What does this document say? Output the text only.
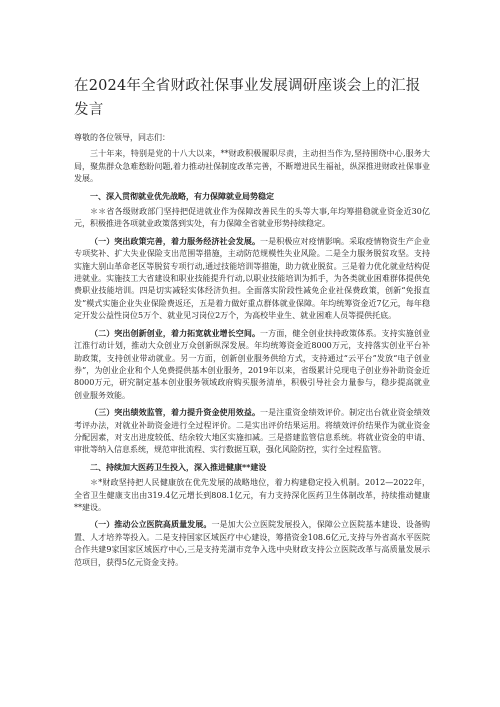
在2024年全省财政社保事业发展调研座谈会上的汇报发言

尊敬的各位领导，同志们：

三十年来，特别是党的十八大以来，**财政积极履职尽责，主动担当作为,坚持围绕中心,服务大局，聚焦群众急难愁盼问题,着力推动社保制度改革完善，不断增进民生福祉，纵深推进财政社保事业发展。

一、深入贯彻就业优先战略，有力保障就业局势稳定

＊＊省各级财政部门坚持把促进就业作为保障改善民生的头等大事,年均筹措稳就业资金近30亿元，积极推进各项就业政策落到实处，有力保障全省就业形势持续稳定。

（一）突出政策完善，着力服务经济社会发展。一是积极应对疫情影响。采取疫情物资生产企业专项奖补、扩大失业保险支出范围等措施，主动防范规模性失业风险。二是全力服务脱贫攻坚。支持实施大别山革命老区等脱贫专项行动,通过技能培训等措施，助力就业脱贫。三是着力优化就业结构促进就业。实施技工大省建设和职业技能提升行动,以职业技能培训为抓手，为各类就业困难群体提供免费职业技能培训。四是切实减轻实体经济负担。全面落实阶段性减免企业社保费政策，创新“免报直发”模式实施企业失业保险费返还，五是着力做好重点群体就业保障。年均统筹资金近7亿元，每年稳定开发公益性岗位5万个、就业见习岗位2万个，为高校毕业生、就业困难人员等提供托底。

（二）突出创新创业，着力拓宽就业增长空间。一方面，健全创业扶持政策体系。支持实施创业江淮行动计划，推动大众创业万众创新纵深发展。年均统筹资金近8000万元，支持落实创业平台补助政策，支持创业带动就业。另一方面，创新创业服务供给方式，支持通过“云平台”发放“电子创业券”，为创业企业和个人免费提供基本创业服务，2019年以来，省级累计兑现电子创业券补助资金近8000万元，研究制定基本创业服务领域政府购买服务清单，积极引导社会力量参与，稳步提高就业创业服务效能。

（三）突出绩效监管，着力提升资金使用效益。一是注重资金绩效评价。制定出台就业资金绩效考评办法，对就业补助资金进行全过程评价。二是实出评价结果运用。将绩效评价结果作为就业资金分配因素，对支出进度较低、结余较大地区实施扣减。三是搭建监管信息系统。将就业资金的申请、审批等纳入信息系统，规范审批流程、实行数据互联，强化风险防控，实行全过程监管。

二、持续加大医药卫生投入，深入推进健康**建设

＊*财政坚持把人民健康放在优先发展的战略地位，着力构建稳定投入机制。2012—2022年，全省卫生健康支出由319.4亿元增长到808.1亿元，有力支持深化医药卫生体制改革，持续推动健康**建设。

（一）推动公立医院高质量发展。一是加大公立医院发展投入，保障公立医院基本建设、设备购置、人才培养等投入。二是支持国家区域医疗中心建设，筹措资金108.6亿元,支持与外省高水平医院合作共建9家国家区域医疗中心,三是支持芜湖市竞争入选中央财政支持公立医院改革与高质量发展示范项目，获得5亿元资金支持。
